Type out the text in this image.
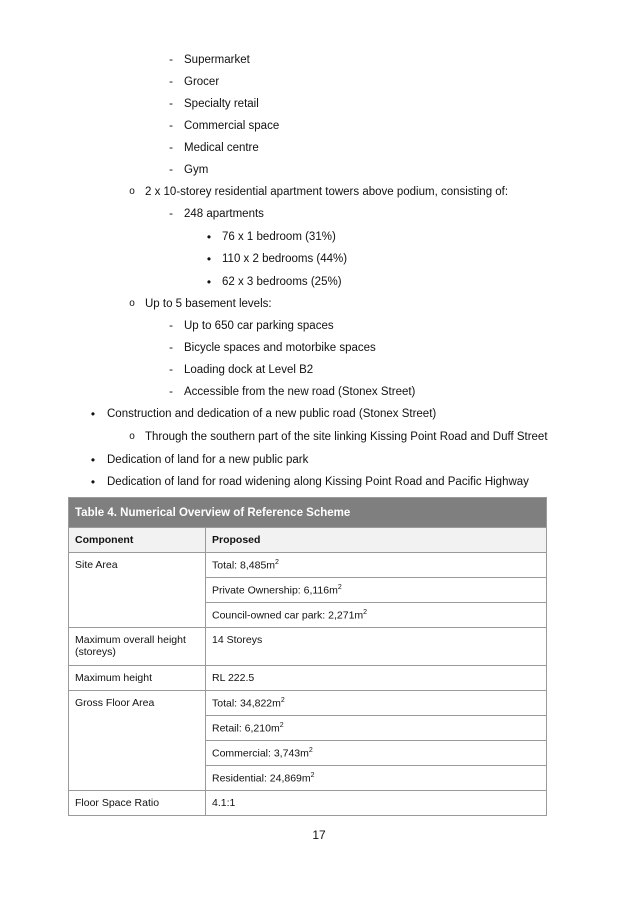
- Supermarket
- Grocer
- Specialty retail
- Commercial space
- Medical centre
- Gym
o 2 x 10-storey residential apartment towers above podium, consisting of:
- 248 apartments
• 76 x 1 bedroom (31%)
• 110 x 2 bedrooms (44%)
• 62 x 3 bedrooms (25%)
o Up to 5 basement levels:
- Up to 650 car parking spaces
- Bicycle spaces and motorbike spaces
- Loading dock at Level B2
- Accessible from the new road (Stonex Street)
•	Construction and dedication of a new public road (Stonex Street)
o Through the southern part of the site linking Kissing Point Road and Duff Street
•	Dedication of land for a new public park
•	Dedication of land for road widening along Kissing Point Road and Pacific Highway
Table 4. Numerical Overview of Reference Scheme	
Component	Proposed
Site Area	Total: $8,485m^2$
	Private Ownership: $6,116m^2$
	Council-owned car park: $2,271m^2$
Maximum overall height (storeys)	14 Storeys
Maximum height	RL 222.5
Gross Floor Area	Total: $34,822m^2$
	Retail: $6,210m^2$
	Commercial: $3,743m^2$
	Residential: $24,869m^2$
Floor Space Ratio	4.1:1
17
